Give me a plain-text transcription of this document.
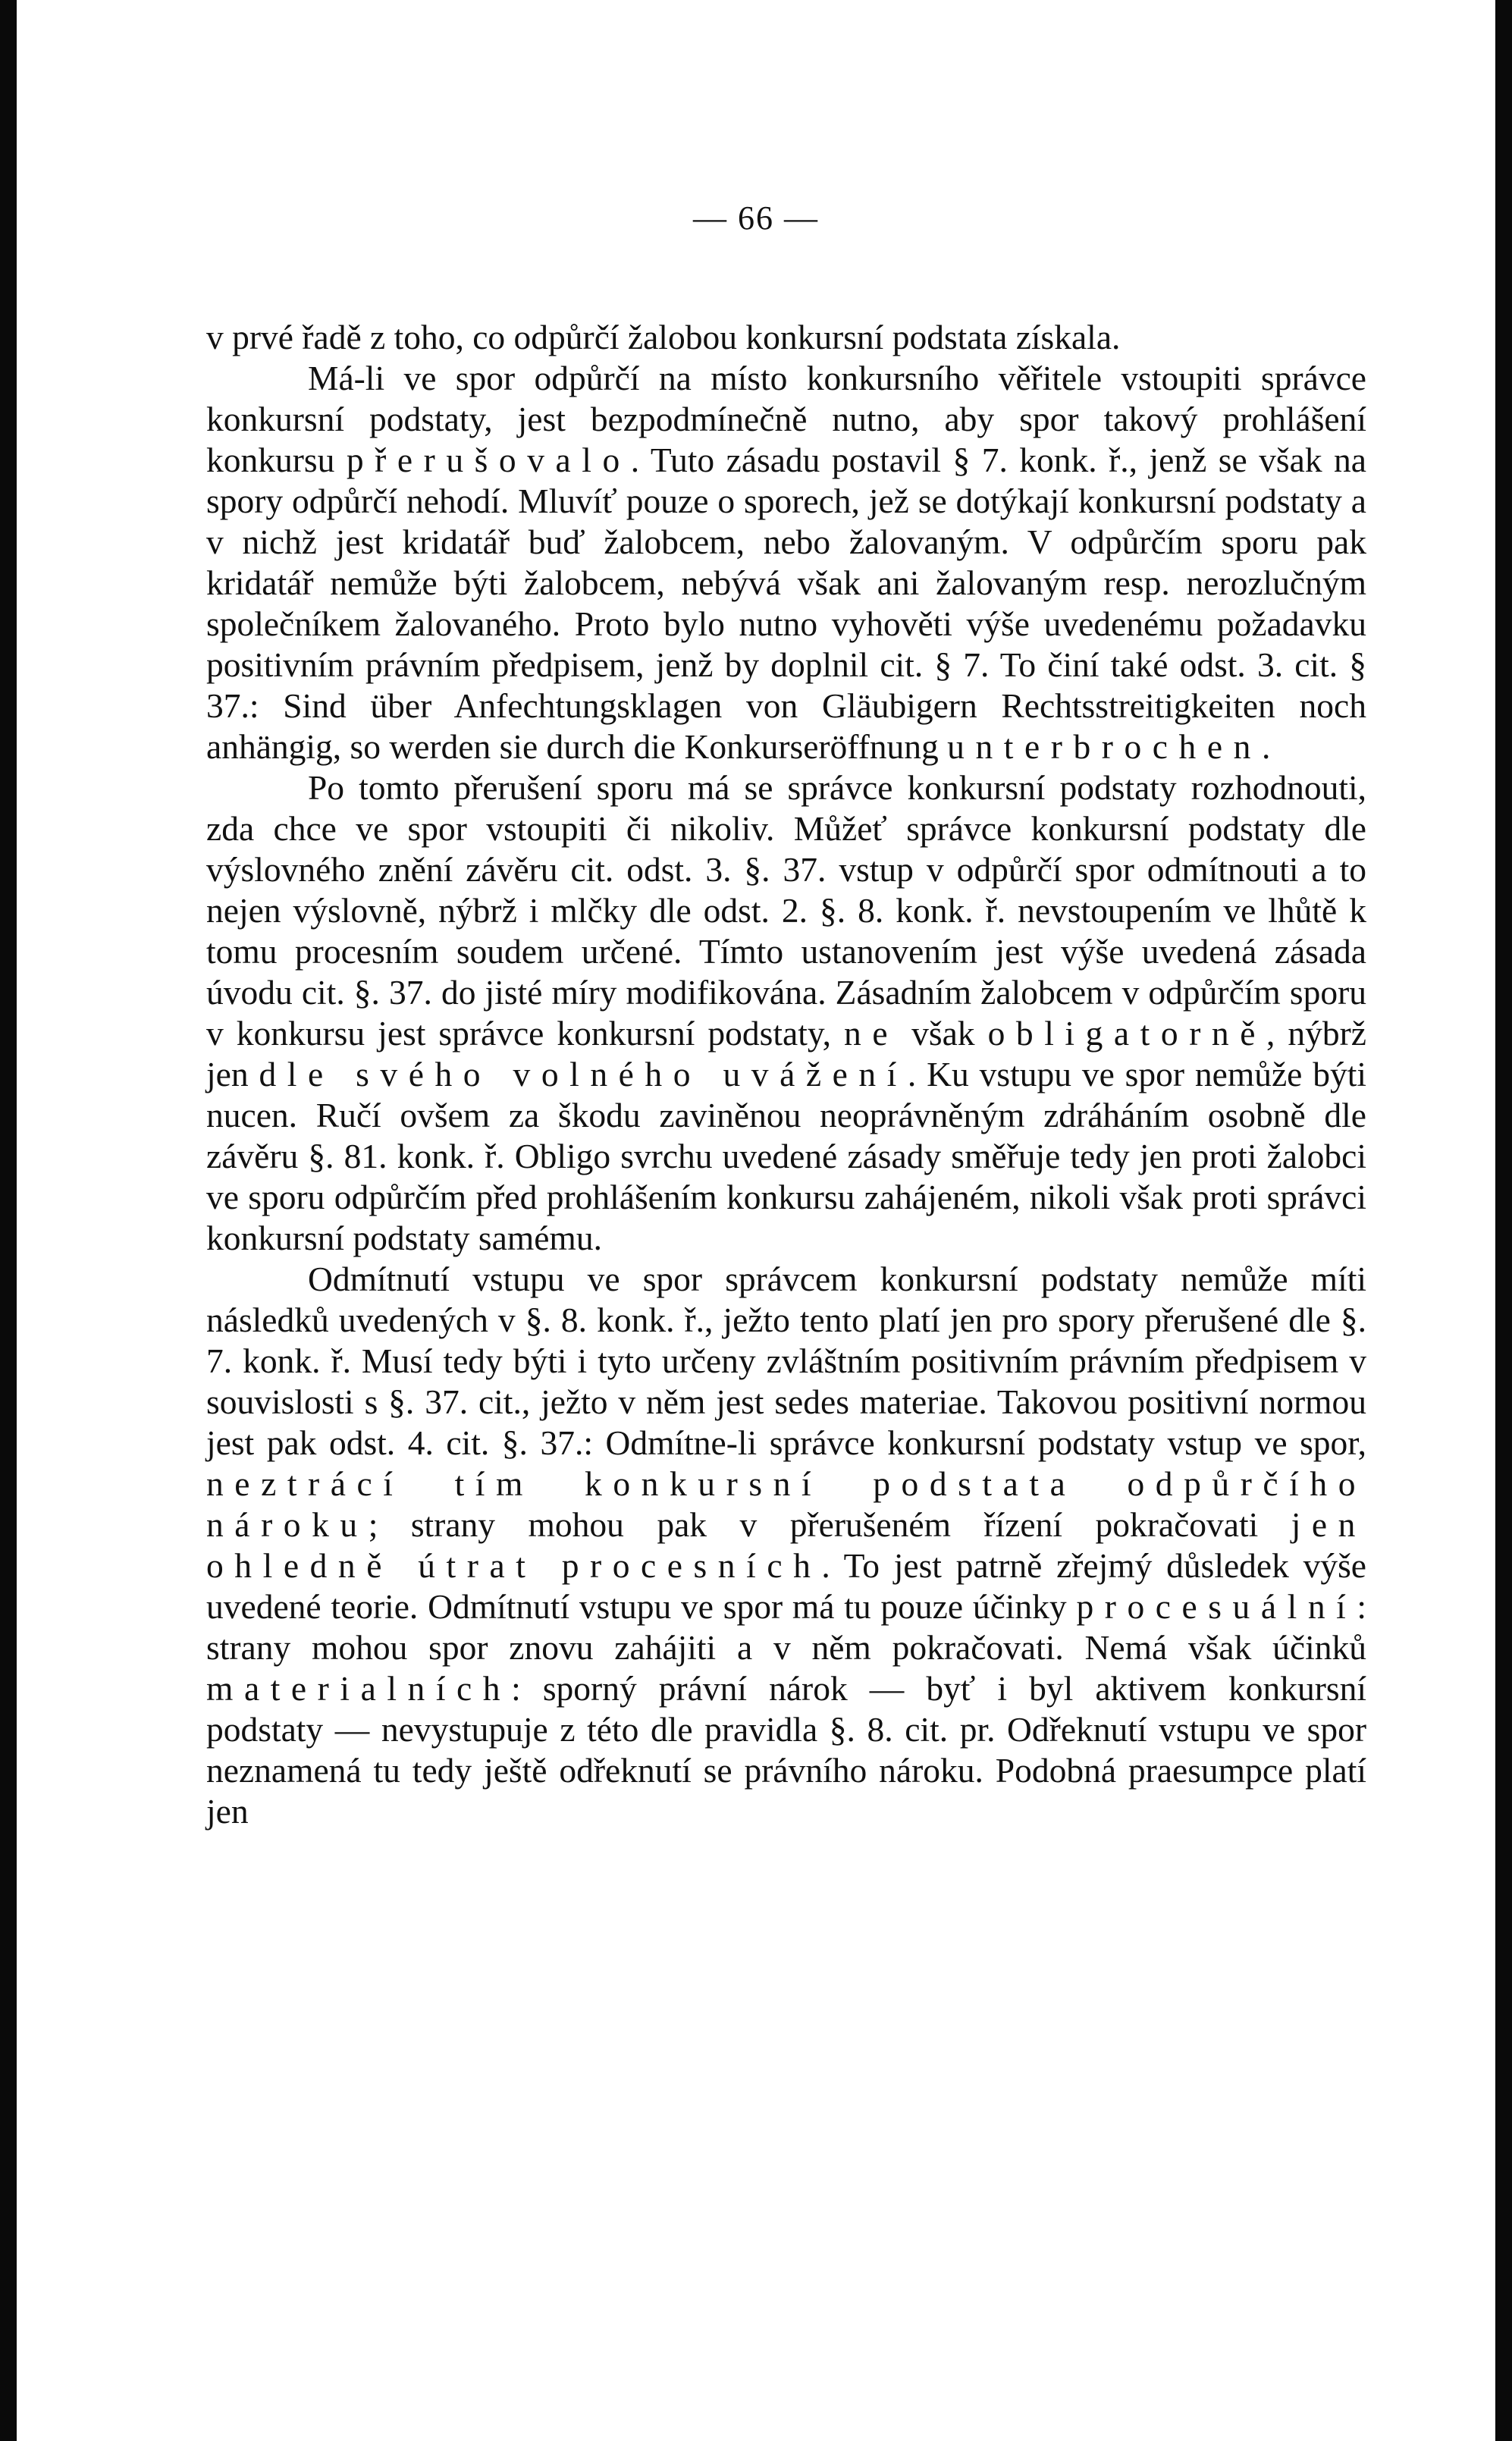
— 66 —

v prvé řadě z toho, co odpůrčí žalobou konkursní podstata získala.

Má-li ve spor odpůrčí na místo konkursního věřitele vstoupiti správce konkursní podstaty, jest bezpodmínečně nutno, aby spor takový prohlášení konkursu přerušovalo. Tuto zásadu postavil § 7. konk. ř., jenž se však na spory odpůrčí nehodí. Mluvíť pouze o sporech, jež se dotýkají konkursní podstaty a v nichž jest kridatář buď žalobcem, nebo žalovaným. V odpůrčím sporu pak kridatář nemůže býti žalobcem, nebývá však ani žalovaným resp. nerozlučným společníkem žalovaného. Proto bylo nutno vyhověti výše uvedenému požadavku positivním právním předpisem, jenž by doplnil cit. § 7. To činí také odst. 3. cit. § 37.: Sind über Anfechtungsklagen von Gläubigern Rechtsstreitigkeiten noch anhängig, so werden sie durch die Konkurseröffnung unterbrochen.

Po tomto přerušení sporu má se správce konkursní podstaty rozhodnouti, zda chce ve spor vstoupiti či nikoliv. Můžeť správce konkursní podstaty dle výslovného znění závěru cit. odst. 3. §. 37. vstup v odpůrčí spor odmítnouti a to nejen výslovně, nýbrž i mlčky dle odst. 2. §. 8. konk. ř. nevstoupením ve lhůtě k tomu procesním soudem určené. Tímto ustanovením jest výše uvedená zásada úvodu cit. §. 37. do jisté míry modifikována. Zásadním žalobcem v odpůrčím sporu v konkursu jest správce konkursní podstaty, ne však obligatorně, nýbrž jen dle svého volného uvážení. Ku vstupu ve spor nemůže býti nucen. Ručí ovšem za škodu zaviněnou neoprávněným zdráháním osobně dle závěru §. 81. konk. ř. Obligo svrchu uvedené zásady směřuje tedy jen proti žalobci ve sporu odpůrčím před prohlášením konkursu zahájeném, nikoli však proti správci konkursní podstaty samému.

Odmítnutí vstupu ve spor správcem konkursní podstaty nemůže míti následků uvedených v §. 8. konk. ř., ježto tento platí jen pro spory přerušené dle §. 7. konk. ř. Musí tedy býti i tyto určeny zvláštním positivním právním předpisem v souvislosti s §. 37. cit., ježto v něm jest sedes materiae. Takovou positivní normou jest pak odst. 4. cit. §. 37.: Odmítne-li správce konkursní podstaty vstup ve spor, neztrácí tím konkursní podstata odpůrčího nároku; strany mohou pak v přerušeném řízení pokračovati jen ohledně útrat procesních. To jest patrně zřejmý důsledek výše uvedené teorie. Odmítnutí vstupu ve spor má tu pouze účinky procesuální: strany mohou spor znovu zahájiti a v něm pokračovati. Nemá však účinků materialních: sporný právní nárok — byť i byl aktivem konkursní podstaty — nevystupuje z této dle pravidla §. 8. cit. pr. Odřeknutí vstupu ve spor neznamená tu tedy ještě odřeknutí se právního nároku. Podobná praesumpce platí jen
